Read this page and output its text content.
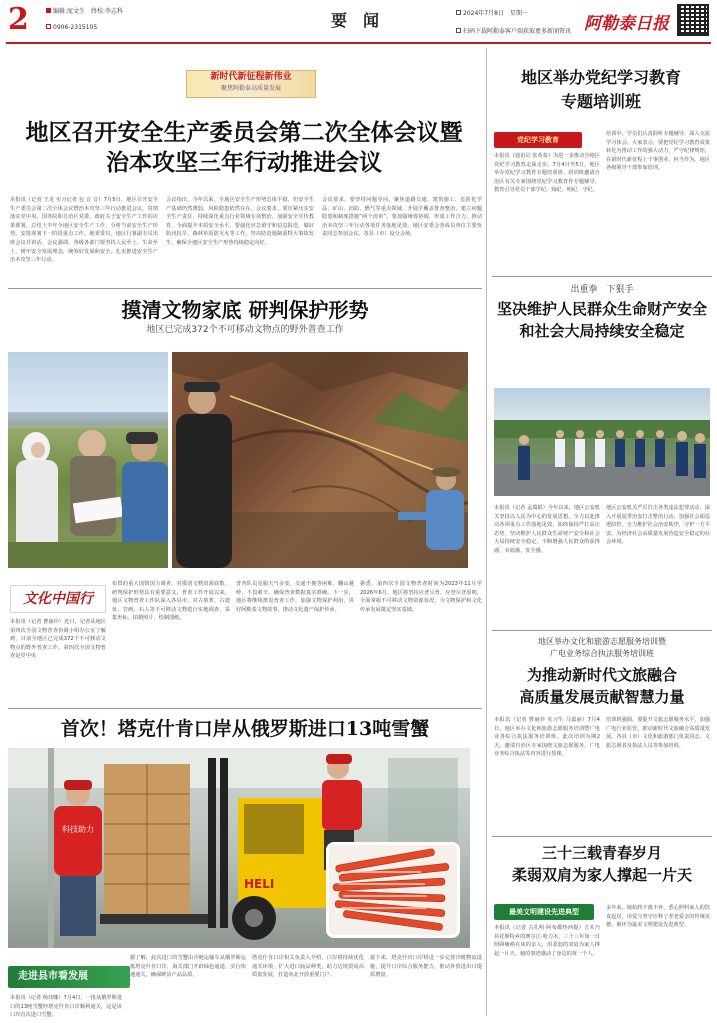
2	编辑:庞文生　终校:李志科
0906-2315105	要　闻	2024年7月8日　星期一
扫码下载阿勒泰客户端获取更多新闻资讯 阿勒泰日报
新时代新征程新伟业
聚焦阿勒泰高质量发展
地区召开安全生产委员会第二次全体会议暨
治本攻坚三年行动推进会议
本报讯（记者 王龙 实习记者 包 音 音）7月5日，地区召开安全生产委员会第二次全体会议暨治本攻坚三年行动推进会议，贯彻落实党中央、国务院和自治区党委、政府关于安全生产工作的决策部署，总结上半年全地区安全生产工作，分析当前安全生产形势，安排部署下一阶段重点工作。地委委员、地区行署副专员出席会议并讲话。会议强调，各级各部门要坚持人民至上、生命至上，树牢安全发展理念，统筹好发展和安全，扎实推进安全生产治本攻坚三年行动。
会议指出，今年以来，全地区安全生产形势总体平稳，但安全生产基础仍然薄弱，风险隐患依然存在。会议要求，要压紧压实安全生产责任，持续深化重点行业领域专项整治，加强安全宣传教育，全面提升本质安全水平。要强化应急值守和信息报送，做好防汛抗旱、森林草原防灭火等工作，坚决防范遏制重特大事故发生，确保全地区安全生产形势持续稳定向好。
会议要求，要坚持问题导向，聚焦道路交通、建筑施工、危险化学品、矿山、消防、燃气等重点领域，开展全覆盖排查整治，建立问题隐患和制度措施“两个清单”。要加强统筹协调，形成工作合力，推动治本攻坚三年行动各项任务落地见效。地区安委会各成员单位主要负责同志参加会议。各县（市）设分会场。
摸清文物家底 研判保护形势
地区已完成372个不可移动文物点的野外普查工作
文化中国行
本报讯（记者 曹丽珍）近日，记者从地区第四次全国文物普查协调小组办公室了解到，目前全地区已完成372个不可移动文物点的野外普查工作。第四次全国文物普查是党中央
布置的重大国情国力调查，对摸清文物资源底数、研判保护形势具有重要意义。普查工作开展以来，地区文物普查工作队深入各县市，对古墓葬、古遗址、岩画、石人等不可移动文物进行实地调查，采集坐标、拍摄照片、绘制图纸。
普查队员克服天气多变、交通不便等困难，翻山越岭、不畏艰辛，确保普查数据真实准确。下一步，地区将继续推进普查工作，加强文物保护利用，讲好阿勒泰文物故事，推动文化遗产保护传承。
据悉，第四次全国文物普查时间为2023年11月至2026年6月。地区将坚持应普尽普、应登尽登原则，全面掌握不可移动文物资源状况，为文物保护和文化传承发展奠定坚实基础。
首次！塔克什肯口岸从俄罗斯进口13吨雪蟹
科技助力
HELI
走进县市看发展
本报讯（记者 杨玮娜）7月4日，一批从俄罗斯进口的13吨雪蟹经塔克什肯口岸顺利通关，这是该口岸首次进口雪蟹。
据了解，此次进口的雪蟹由冷链运输车从俄罗斯运抵塔克什肯口岸，海关部门开辟绿色通道，实行快速通关，确保鲜活产品品质。
塔克什肯口岸相关负责人介绍，口岸将持续优化通关环境，扩大进口商品种类，助力边境贸易高质量发展，打造向北开放重要门户。
接下来，塔克什肯口岸将进一步完善冷链物流设施，提升口岸综合服务能力，推动外贸进出口提质增量。
地区举办党纪学习教育
专题培训班
党纪学习教育
本报讯（通讯员 张英泰）为进一步推动全地区党纪学习教育走深走实，7月4日至5日，地区举办党纪学习教育专题培训班。培训班邀请自治区有关专家围绕党纪学习教育作专题辅导，教育引导党员干部学纪、知纪、明纪、守纪。
培训中，学员们认真聆听专题辅导，深入交流学习体会。大家表示，要把党纪学习教育成果转化为推动工作的强大动力，严守纪律规矩，在新时代新征程上干事创业、担当作为。地区各级领导干部参加培训。
出重拳　下狠手
坚决维护人民群众生命财产安全
和社会大局持续安全稳定
本报讯（记者 孟瑞娟）今年以来，地区公安机关坚持以人民为中心的发展思想，全力以赴推动各项重点工作落地见效，始终保持严打高压态势，坚决维护人民群众生命财产安全和社会大局持续安全稳定，不断增强人民群众的获得感、幸福感、安全感。
地区公安机关严厉打击各类违法犯罪活动，深入开展夏季治安打击整治行动，加强社会面巡逻防控，全力维护社会治安秩序，守护一方平安，为经济社会高质量发展营造安全稳定的社会环境。
地区举办文化和旅游志愿服务培训暨
广电业务综合执法服务培训班
为推动新时代文旅融合
高质量发展贡献智慧力量
本报讯（记者 曹丽珍 实习生 马嘉丽）7月4日，地区举办文化和旅游志愿服务培训暨广电业务综合执法服务培训班。此次培训为期2天，邀请自治区专家围绕文旅志愿服务、广电业务综合执法等内容进行授课。
培训班强调，要提升文旅志愿服务水平，加强广电行业监管，推动新时代文旅融合高质量发展。各县（市）文化和旅游部门负责同志、文旅志愿者及执法人员等参加培训。
三十三载青春岁月
柔弱双肩为家人撑起一片天
最美文明建设先进典型
本报讯（记者 古孔明·阿布都热西提）吉木乃县托斯特乡的赛尔江·哈力木，三十三年如一日照顾瘫痪在床的亲人，用柔弱的双肩为家人撑起一片天，她的事迹感动了身边的每一个人。
多年来，她始终不离不弃，悉心照料家人的饮食起居，用爱与坚守诠释了孝老爱亲的传统美德，被评为最美文明建设先进典型。
